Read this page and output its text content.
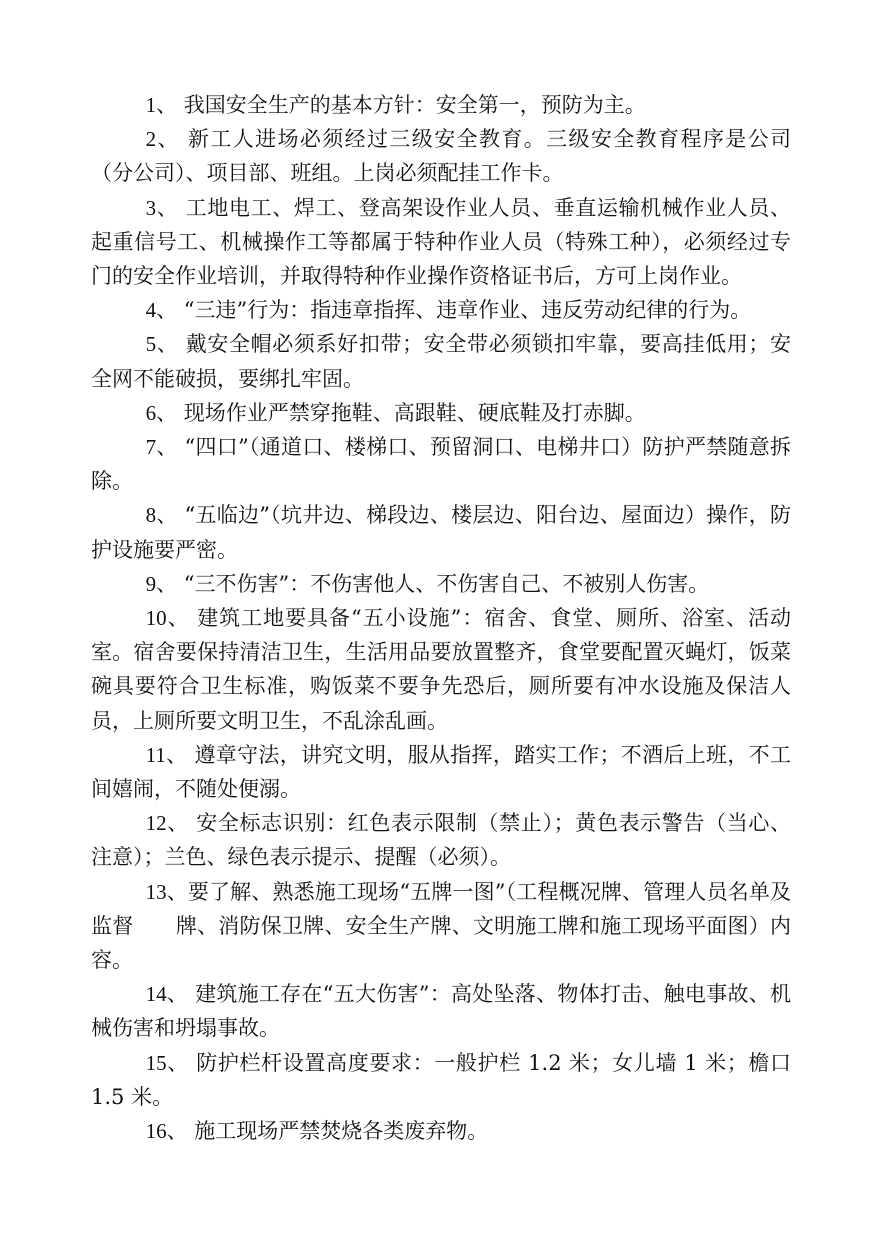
1、 我国安全生产的基本方针：安全第一，预防为主。

2、 新工人进场必须经过三级安全教育。三级安全教育程序是公司（分公司）、项目部、班组。上岗必须配挂工作卡。

3、 工地电工、焊工、登高架设作业人员、垂直运输机械作业人员、起重信号工、机械操作工等都属于特种作业人员（特殊工种），必须经过专门的安全作业培训，并取得特种作业操作资格证书后，方可上岗作业。

4、 “三违”行为：指违章指挥、违章作业、违反劳动纪律的行为。

5、 戴安全帽必须系好扣带；安全带必须锁扣牢靠，要高挂低用；安全网不能破损，要绑扎牢固。

6、 现场作业严禁穿拖鞋、高跟鞋、硬底鞋及打赤脚。

7、 “四口”（通道口、楼梯口、预留洞口、电梯井口）防护严禁随意拆除。

8、 “五临边”（坑井边、梯段边、楼层边、阳台边、屋面边）操作，防护设施要严密。

9、 “三不伤害”：不伤害他人、不伤害自己、不被别人伤害。

10、 建筑工地要具备“五小设施”：宿舍、食堂、厕所、浴室、活动室。宿舍要保持清洁卫生，生活用品要放置整齐，食堂要配置灭蝇灯，饭菜碗具要符合卫生标准，购饭菜不要争先恐后，厕所要有冲水设施及保洁人员，上厕所要文明卫生，不乱涂乱画。

11、 遵章守法，讲究文明，服从指挥，踏实工作；不酒后上班，不工间嬉闹，不随处便溺。

12、 安全标志识别：红色表示限制（禁止）；黄色表示警告（当心、注意）；兰色、绿色表示提示、提醒（必须）。

13、要了解、熟悉施工现场“五牌一图”（工程概况牌、管理人员名单及监督　　牌、消防保卫牌、安全生产牌、文明施工牌和施工现场平面图）内容。

14、 建筑施工存在“五大伤害”：高处坠落、物体打击、触电事故、机械伤害和坍塌事故。

15、 防护栏杆设置高度要求：一般护栏 1.2 米；女儿墙 1 米；檐口 1.5 米。

16、 施工现场严禁焚烧各类废弃物。
